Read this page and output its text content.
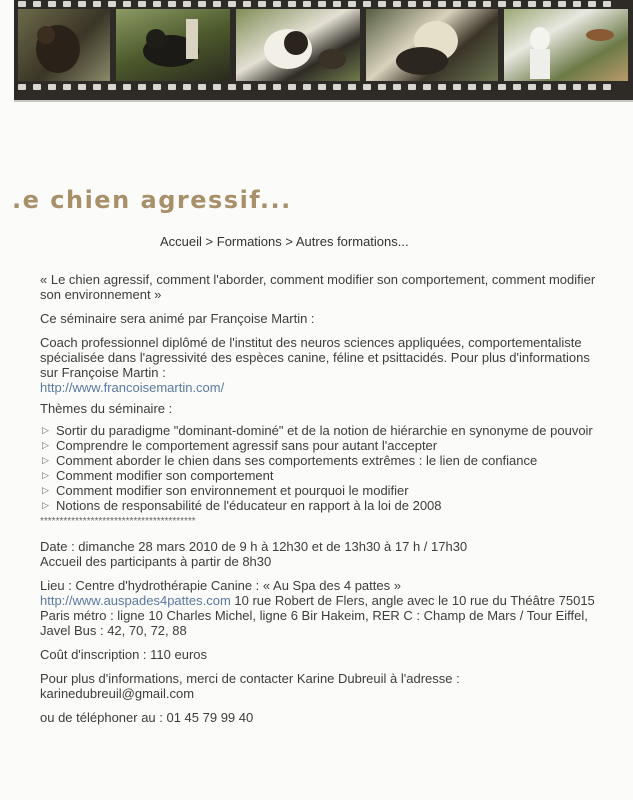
.e chien agressif...
Accueil > Formations > Autres formations...

« Le chien agressif, comment l'aborder, comment modifier son comportement, comment modifier son environnement »

Ce séminaire sera animé par Françoise Martin :

Coach professionnel diplômé de l'institut des neuros sciences appliquées, comportementaliste spécialisée dans l'agressivité des espèces canine, féline et psittacidés. Pour plus d'informations sur Françoise Martin :
http://www.francoisemartin.com/

Thèmes du séminaire :

▷ Sortir du paradigme "dominant-dominé" et de la notion de hiérarchie en synonyme de pouvoir
▷ Comprendre le comportement agressif sans pour autant l'accepter
▷ Comment aborder le chien dans ses comportements extrêmes : le lien de confiance
▷ Comment modifier son comportement
▷ Comment modifier son environnement et pourquoi le modifier
▷ Notions de responsabilité de l'éducateur en rapport à la loi de 2008
****************************************

Date : dimanche 28 mars 2010 de 9 h à 12h30 et de 13h30 à 17 h / 17h30
Accueil des participants à partir de 8h30

Lieu : Centre d'hydrothérapie Canine : « Au Spa des 4 pattes »
http://www.auspades4pattes.com 10 rue Robert de Flers, angle avec le 10 rue du Théâtre 75015 Paris métro : ligne 10 Charles Michel, ligne 6 Bir Hakeim, RER C : Champ de Mars / Tour Eiffel, Javel Bus : 42, 70, 72, 88

Coût d'inscription : 110 euros

Pour plus d'informations, merci de contacter Karine Dubreuil à l'adresse :
karinedubreuil@gmail.com

ou de téléphoner au : 01 45 79 99 40
